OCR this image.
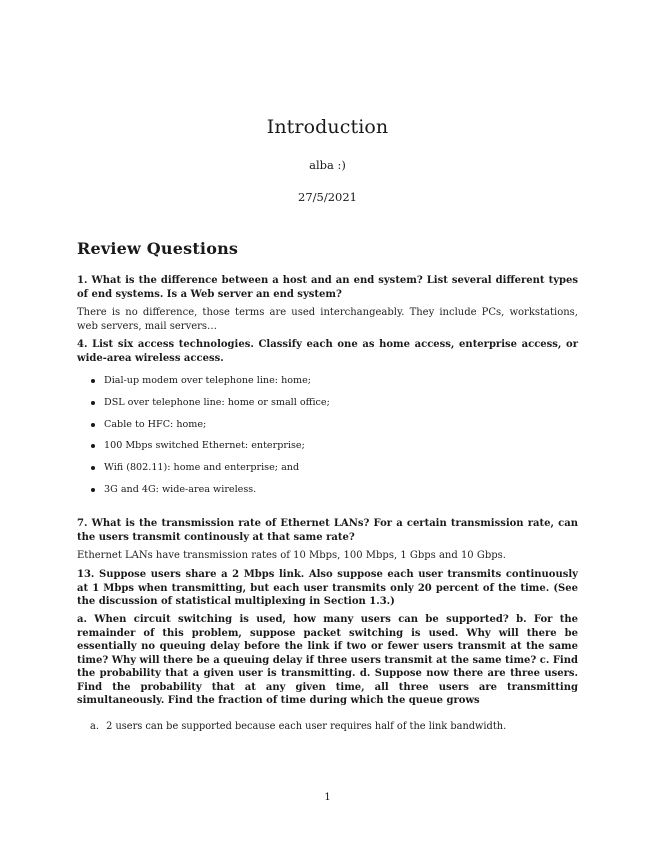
Introduction
alba :)
27/5/2021
Review Questions
1. What is the difference between a host and an end system? List several different types of end systems. Is a Web server an end system?
There is no difference, those terms are used interchangeably. They include PCs, workstations, web servers, mail servers…
4. List six access technologies. Classify each one as home access, enterprise access, or wide-area wireless access.
Dial-up modem over telephone line: home;
DSL over telephone line: home or small office;
Cable to HFC: home;
100 Mbps switched Ethernet: enterprise;
Wifi (802.11): home and enterprise; and
3G and 4G: wide-area wireless.
7. What is the transmission rate of Ethernet LANs? For a certain transmission rate, can the users transmit continously at that same rate?
Ethernet LANs have transmission rates of 10 Mbps, 100 Mbps, 1 Gbps and 10 Gbps.
13. Suppose users share a 2 Mbps link. Also suppose each user transmits continuously at 1 Mbps when transmitting, but each user transmits only 20 percent of the time. (See the discussion of statistical multiplexing in Section 1.3.)
a. When circuit switching is used, how many users can be supported? b. For the remainder of this problem, suppose packet switching is used. Why will there be essentially no queuing delay before the link if two or fewer users transmit at the same time? Why will there be a queuing delay if three users transmit at the same time? c. Find the probability that a given user is transmitting. d. Suppose now there are three users. Find the probability that at any given time, all three users are transmitting simultaneously. Find the fraction of time during which the queue grows
a. 2 users can be supported because each user requires half of the link bandwidth.
1
